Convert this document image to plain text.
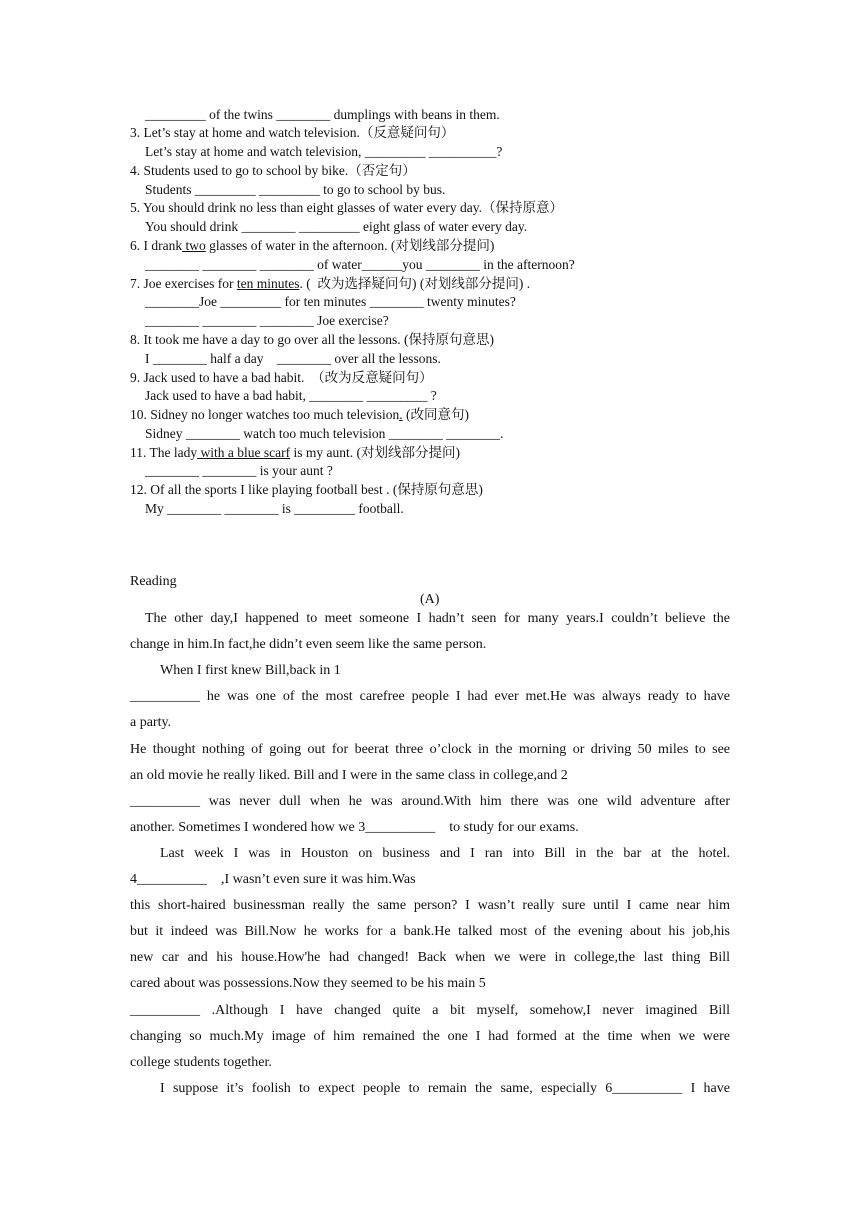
_________ of the twins ________ dumplings with beans in them.
3. Let’s stay at home and watch television.（反意疑问句）
Let’s stay at home and watch television, _________ __________?
4. Students used to go to school by bike.（否定句）
Students _________ _________ to go to school by bus.
5. You should drink no less than eight glasses of water every day.（保持原意）
You should drink ________ _________ eight glass of water every day.
6. I drank two glasses of water in the afternoon. (对划线部分提问)
________ ________ ________ of water______you ________ in the afternoon?
7. Joe exercises for ten minutes. (  改为选择疑问句) (对划线部分提问) .
________Joe _________ for ten minutes ________ twenty minutes?
________ ________ ________ Joe exercise?
8. It took me have a day to go over all the lessons. (保持原句意思)
I ________ half a day    ________ over all the lessons.
9. Jack used to have a bad habit.  （改为反意疑问句）
Jack used to have a bad habit, ________ _________ ?
10. Sidney no longer watches too much television. (改同意句)
Sidney ________ watch too much television ________ ________.
11. The lady with a blue scarf is my aunt. (对划线部分提问)
________ ________ is your aunt ?
12. Of all the sports I like playing football best . (保持原句意思)
My ________ ________ is _________ football.
Reading
(A)
The other day,I happened to meet someone I hadn’t seen for many years.I couldn’t believe the
change in him.In fact,he didn’t even seem like the same person.
When I first knew Bill,back in 1
__________ he was one of the most carefree people I had ever met.He was always ready to have
a party.
He thought nothing of going out for beerat three o’clock in the morning or driving 50 miles to see
an old movie he really liked. Bill and I were in the same class in college,and 2
__________ was never dull when he was around.With him there was one wild adventure after
another. Sometimes I wondered how we 3__________    to study for our exams.
Last week I was in Houston on business and I ran into Bill in the bar at the hotel.
4__________    ,I wasn’t even sure it was him.Was
this short-haired businessman really the same person? I wasn’t really sure until I came near him
but it indeed was Bill.Now he works for a bank.He talked most of the evening about his job,his
new car and his house.How'he had changed! Back when we were in college,the last thing Bill
cared about was possessions.Now they seemed to be his main 5
__________ .Although I have changed quite a bit myself, somehow,I never imagined Bill
changing so much.My image of him remained the one I had formed at the time when we were
college students together.
I suppose it’s foolish to expect people to remain the same, especially 6__________ I have
